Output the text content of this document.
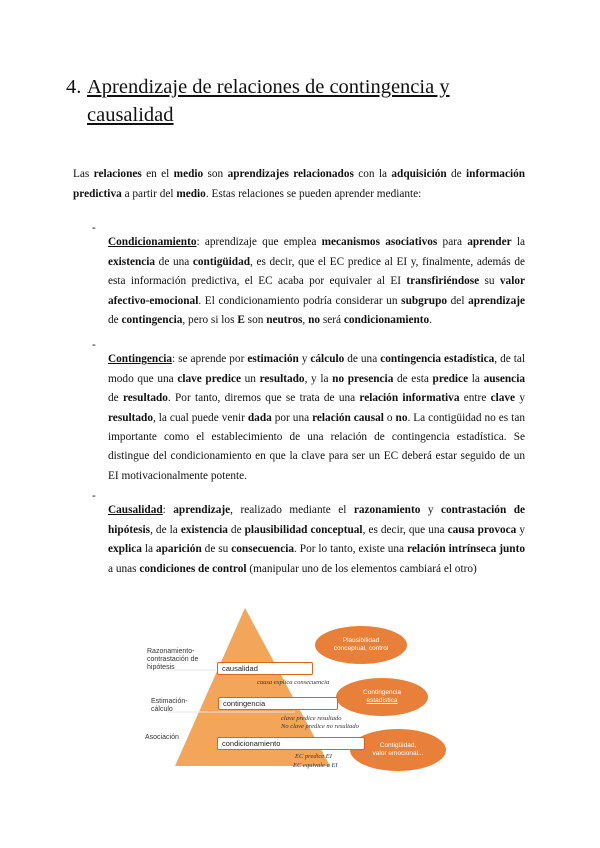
4. Aprendizaje de relaciones de contingencia y
causalidad

Las relaciones en el medio son aprendizajes relacionados con la adquisición de información predictiva a partir del medio. Estas relaciones se pueden aprender mediante:

-

Condicionamiento: aprendizaje que emplea mecanismos asociativos para aprender la existencia de una contigüidad, es decir, que el EC predice al EI y, finalmente, además de esta información predictiva, el EC acaba por equivaler al EI transfiriéndose su valor afectivo-emocional. El condicionamiento podría considerar un subgrupo del aprendizaje de contingencia, pero si los E son neutros, no será condicionamiento.

-

Contingencia: se aprende por estimación y cálculo de una contingencia estadística, de tal modo que una clave predice un resultado, y la no presencia de esta predice la ausencia de resultado. Por tanto, diremos que se trata de una relación informativa entre clave y resultado, la cual puede venir dada por una relación causal o no. La contigüidad no es tan importante como el establecimiento de una relación de contingencia estadística. Se distingue del condicionamiento en que la clave para ser un EC deberá estar seguido de un EI motivacionalmente potente.

-

Causalidad: aprendizaje, realizado mediante el razonamiento y contrastación de hipótesis, de la existencia de plausibilidad conceptual, es decir, que una causa provoca y explica la aparición de su consecuencia. Por lo tanto, existe una relación intrínseca junto a unas condiciones de control (manipular uno de los elementos cambiará el otro)

Razonamiento-contrastación de hipótesis
Estimación-cálculo
Asociación
causalidad
contingencia
condicionamiento
causa explica consecuencia
clave predice resultado
No clave predice no resultado
EC predice EI
EC equivale a EI
Plausibilidad
conceptual, control
Contingencia
estadística
Contigüidad,
valor emocional...
